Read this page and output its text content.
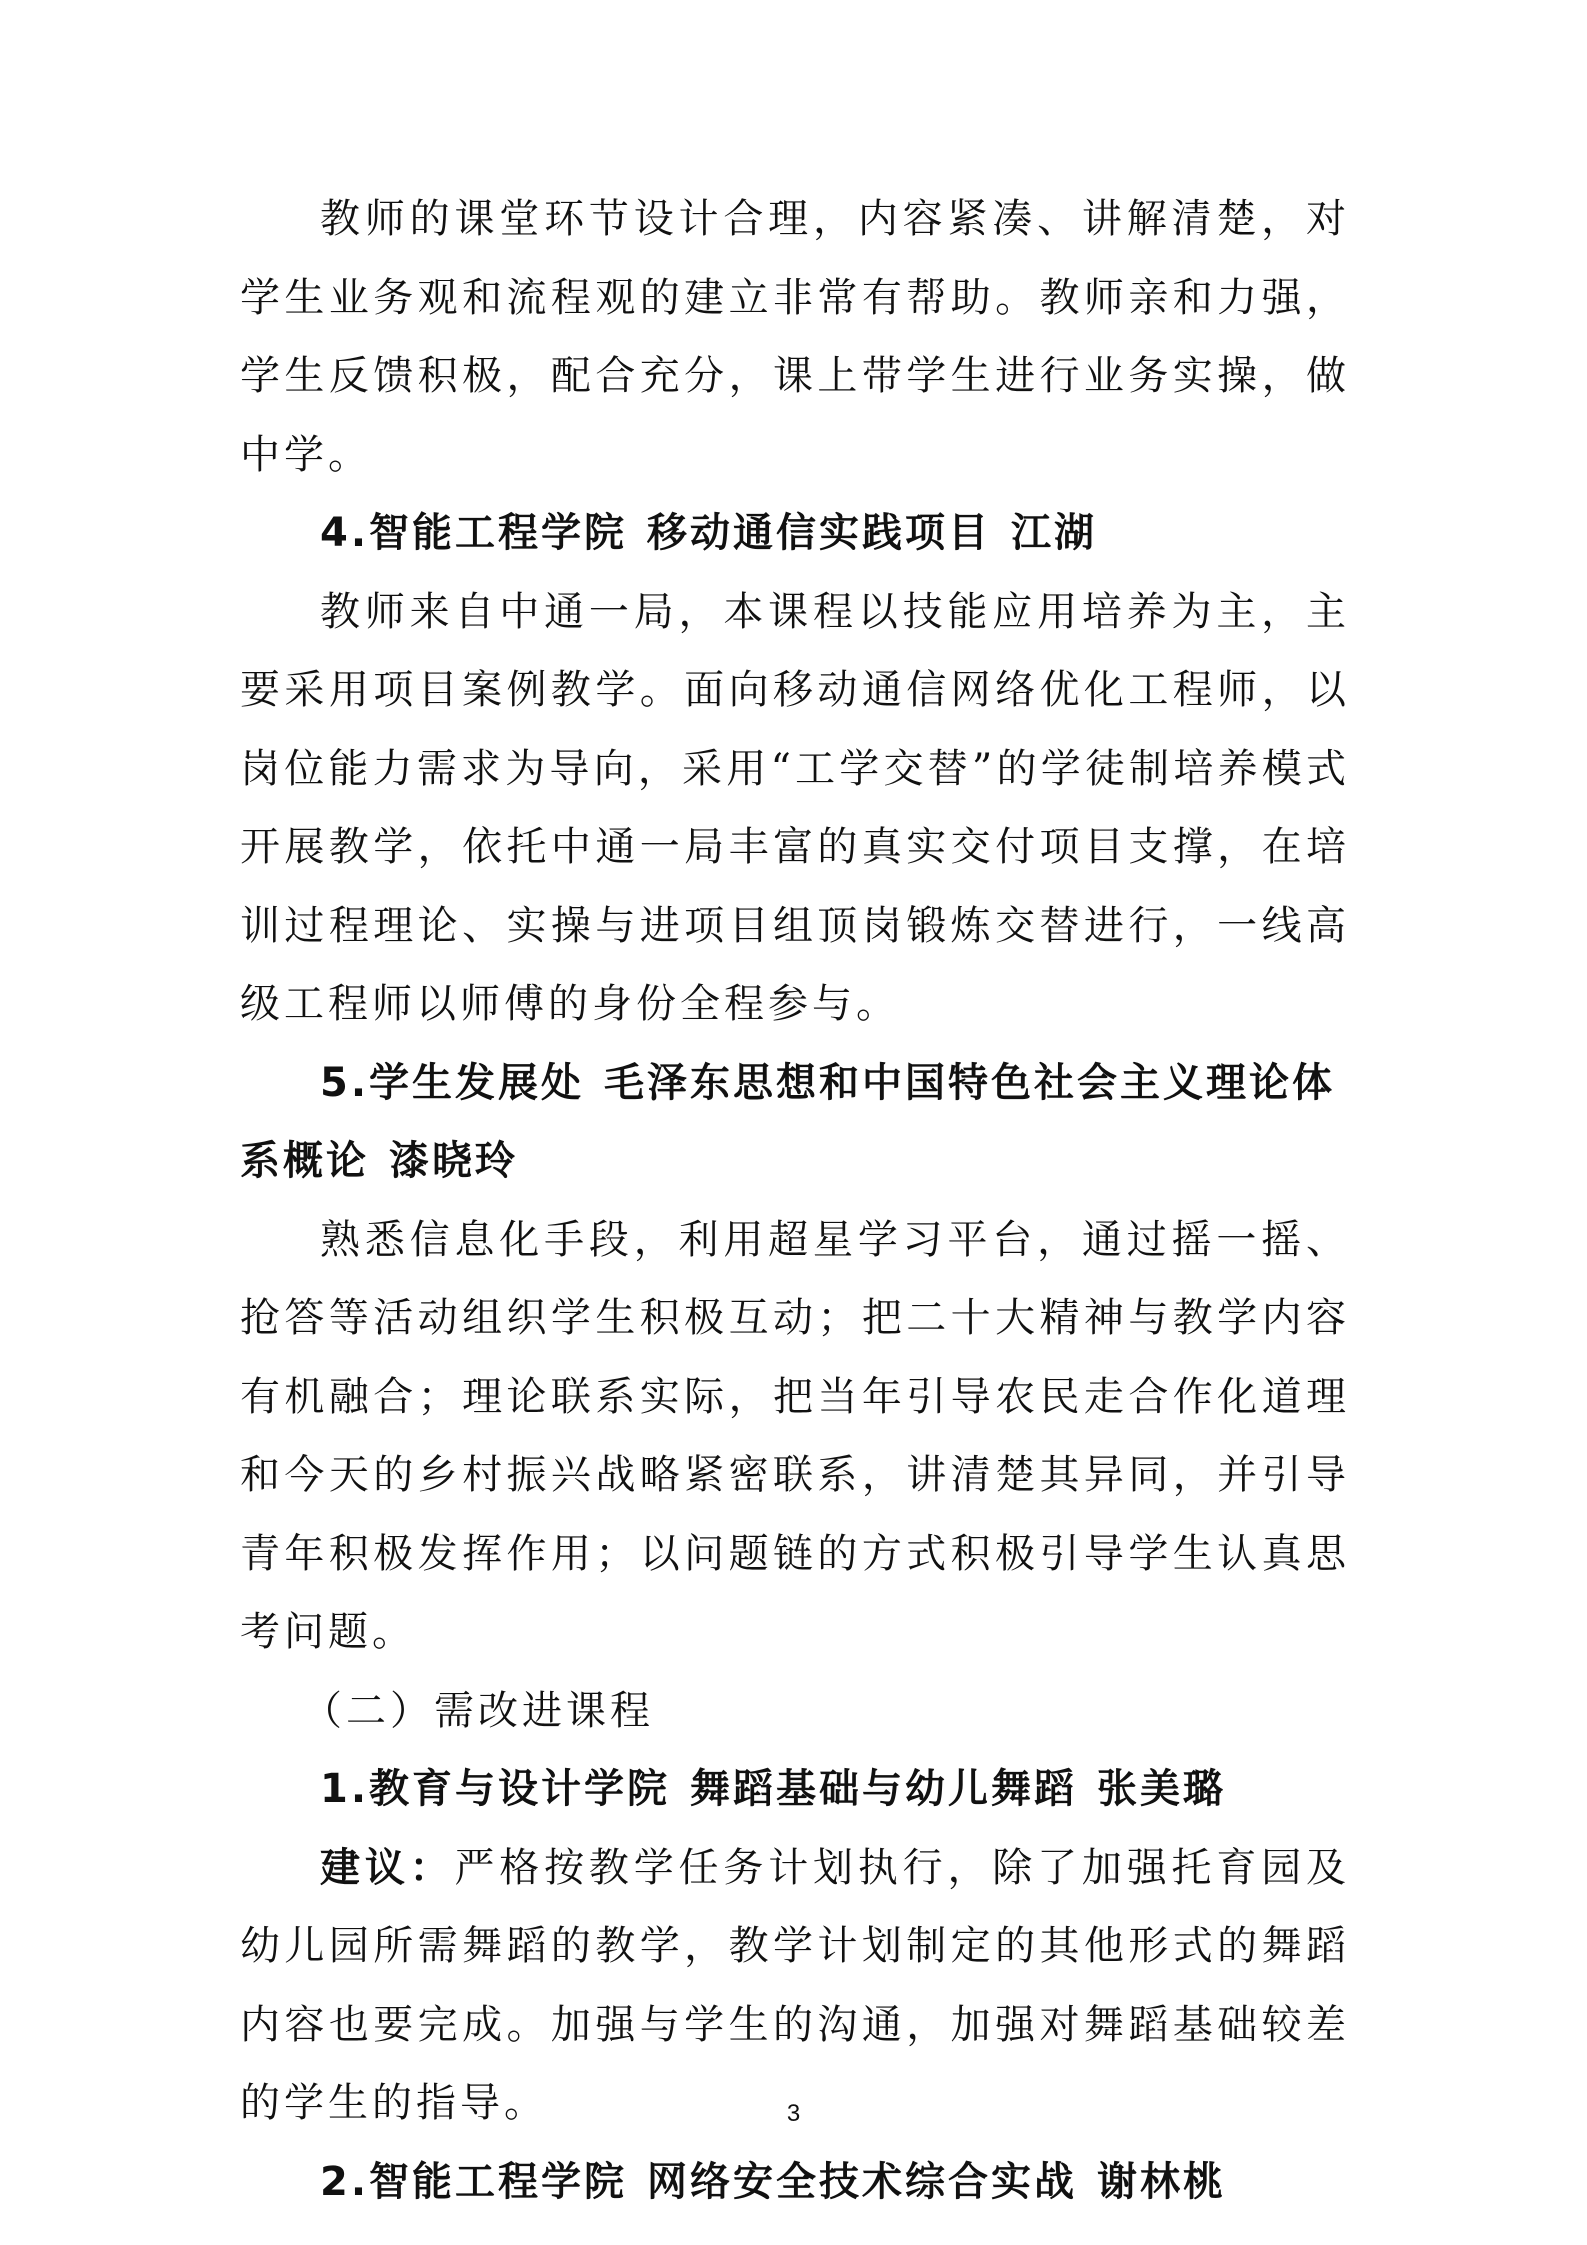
教师的课堂环节设计合理，内容紧凑、讲解清楚，对学生业务观和流程观的建立非常有帮助。教师亲和力强，学生反馈积极，配合充分，课上带学生进行业务实操，做中学。

4.智能工程学院 移动通信实践项目 江湖

教师来自中通一局，本课程以技能应用培养为主，主要采用项目案例教学。面向移动通信网络优化工程师，以岗位能力需求为导向，采用“工学交替”的学徒制培养模式开展教学，依托中通一局丰富的真实交付项目支撑，在培训过程理论、实操与进项目组顶岗锻炼交替进行，一线高级工程师以师傅的身份全程参与。

5.学生发展处 毛泽东思想和中国特色社会主义理论体系概论 漆晓玲

熟悉信息化手段，利用超星学习平台，通过摇一摇、抢答等活动组织学生积极互动；把二十大精神与教学内容有机融合；理论联系实际，把当年引导农民走合作化道理和今天的乡村振兴战略紧密联系，讲清楚其异同，并引导青年积极发挥作用；以问题链的方式积极引导学生认真思考问题。

（二）需改进课程

1.教育与设计学院 舞蹈基础与幼儿舞蹈 张美璐

建议：严格按教学任务计划执行，除了加强托育园及幼儿园所需舞蹈的教学，教学计划制定的其他形式的舞蹈内容也要完成。加强与学生的沟通，加强对舞蹈基础较差的学生的指导。

2.智能工程学院 网络安全技术综合实战 谢林桃

3
